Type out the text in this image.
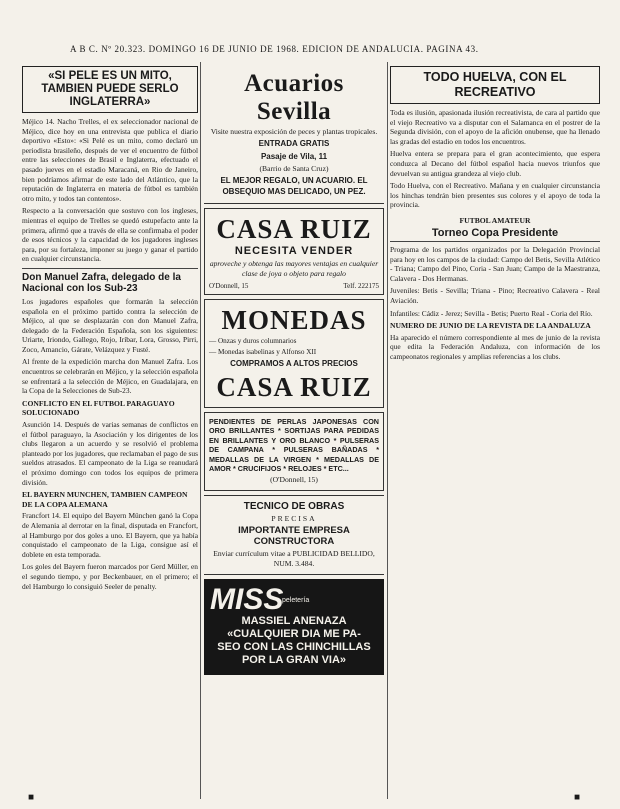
A B C. Nº 20.323. DOMINGO 16 DE JUNIO DE 1968. EDICION DE ANDALUCIA. PAGINA 43.

«SI PELE ES UN MITO, TAMBIEN PUEDE SERLO INGLATERRA»

Méjico 14. Nacho Trelles, el ex seleccionador nacional de Méjico, dice hoy en una entrevista que publica el diario deportivo «Esto»: «Si Pelé es un mito, como declaró un periodista brasileño, después de ver el encuentro de fútbol entre las selecciones de Brasil e Inglaterra, efectuado el pasado jueves en el estadio Maracaná, en Rio de Janeiro, bien podríamos afirmar de este lado del Atlántico, que la reputación de Inglaterra en materia de fútbol es también otro mito, y todos tan contentos».

Respecto a la conversación que sostuvo con los ingleses, mientras el equipo de Trelles se quedó estupefacto ante la primera, afirmó que a través de ella se confirmaba el poder de esos técnicos y la capacidad de los jugadores ingleses para, por su fortaleza, imponer su juego y ganar el partido en cualquier circunstancia.

Don Manuel Zafra, delegado de la Nacional con los Sub-23

Los jugadores españoles que formarán la selección española en el próximo partido contra la selección de Méjico, al que se desplazarán con don Manuel Zafra, delegado de la Federación Española, son los siguientes: Uriarte, Iriondo, Gallego, Rojo, Iríbar, Lora, Grosso, Pirri, Zoco, Amancio, Gárate, Velázquez y Fusté.

Al frente de la expedición marcha don Manuel Zafra. Los encuentros se celebrarán en Méjico, y la selección española se enfrentará a la selección de Méjico, en Guadalajara, en la Copa de la Selecciones de Sub-23.

CONFLICTO EN EL FUTBOL PARAGUAYO SOLUCIONADO

Asunción 14. Después de varias semanas de conflictos en el fútbol paraguayo, la Asociación y los dirigentes de los clubs llegaron a un acuerdo y se resolvió el problema planteado por los jugadores, que reclamaban el pago de sus sueldos atrasados. El campeonato de la Liga se reanudará el próximo domingo con todos los equipos de primera división.

EL BAYERN MUNCHEN, TAMBIEN CAMPEON DE LA COPA ALEMANA

Francfort 14. El equipo del Bayern München ganó la Copa de Alemania al derrotar en la final, disputada en Francfort, al Hamburgo por dos goles a uno. El Bayern, que ya había conquistado el campeonato de la Liga, consigue así el doblete en esta temporada.

Los goles del Bayern fueron marcados por Gerd Müller, en el segundo tiempo, y por Beckenbauer, en el primero; el del Hamburgo lo consiguió Seeler de penalty.

Acuarios Sevilla

Visite nuestra exposición de peces y plantas tropicales.

ENTRADA GRATIS

Pasaje de Vila, 11

(Barrio de Santa Cruz)

EL MEJOR REGALO, UN ACUARIO. EL OBSEQUIO MAS DELICADO, UN PEZ.

CASA RUIZ

NECESITA VENDER

aproveche y obtenga las mayores ventajas en cualquier clase de joya o objeto para regalo

O'Donnell, 15	Telf. 222175

MONEDAS

— Onzas y duros columnarios

— Monedas isabelinas y Alfonso XII

COMPRAMOS A ALTOS PRECIOS

CASA RUIZ

PENDIENTES DE PERLAS JAPONESAS CON ORO BRILLANTES * SORTIJAS PARA PEDIDAS EN BRILLANTES Y ORO BLANCO * PULSERAS DE CAMPANA * PULSERAS BAÑADAS * MEDALLAS DE LA VIRGEN * MEDALLAS DE AMOR * CRUCIFIJOS * RELOJES * ETC...

(O'Donnell, 15)

TECNICO DE OBRAS

PRECISA

IMPORTANTE EMPRESA CONSTRUCTORA

Enviar currículum vitae a PUBLICIDAD BELLIDO, NUM. 3.484.

MISS

peletería

MASSIEL ANENAZA

«CUALQUIER DIA ME PA-

SEO CON LAS CHINCHILLAS

POR LA GRAN VIA»

TODO HUELVA, CON EL RECREATIVO

Toda es ilusión, apasionada ilusión recreativista, de cara al partido que el viejo Recreativo va a disputar con el Salamanca en el postrer de la Segunda división, con el apoyo de la afición onubense, que ha llenado las gradas del estadio en todos los encuentros.

Huelva entera se prepara para el gran acontecimiento, que espera conduzca al Decano del fútbol español hacia nuevos triunfos que devuelvan su antigua grandeza al viejo club.

Todo Huelva, con el Recreativo. Mañana y en cualquier circunstancia los hinchas tendrán bien presentes sus colores y el apoyo de toda la provincia.

FUTBOL AMATEUR

Torneo Copa Presidente

Programa de los partidos organizados por la Delegación Provincial para hoy en los campos de la ciudad: Campo del Betis, Sevilla Atlético - Triana; Campo del Pino, Coria - San Juan; Campo de la Maestranza, Calavera - Dos Hermanas.

Juveniles: Betis - Sevilla; Triana - Pino; Recreativo Calavera - Real Aviación.

Infantiles: Cádiz - Jerez; Sevilla - Betis; Puerto Real - Coria del Río.

NUMERO DE JUNIO DE LA REVISTA DE LA ANDALUZA

Ha aparecido el número correspondiente al mes de junio de la revista que edita la Federación Andaluza, con información de los campeonatos regionales y amplias referencias a los clubs.

■	■
